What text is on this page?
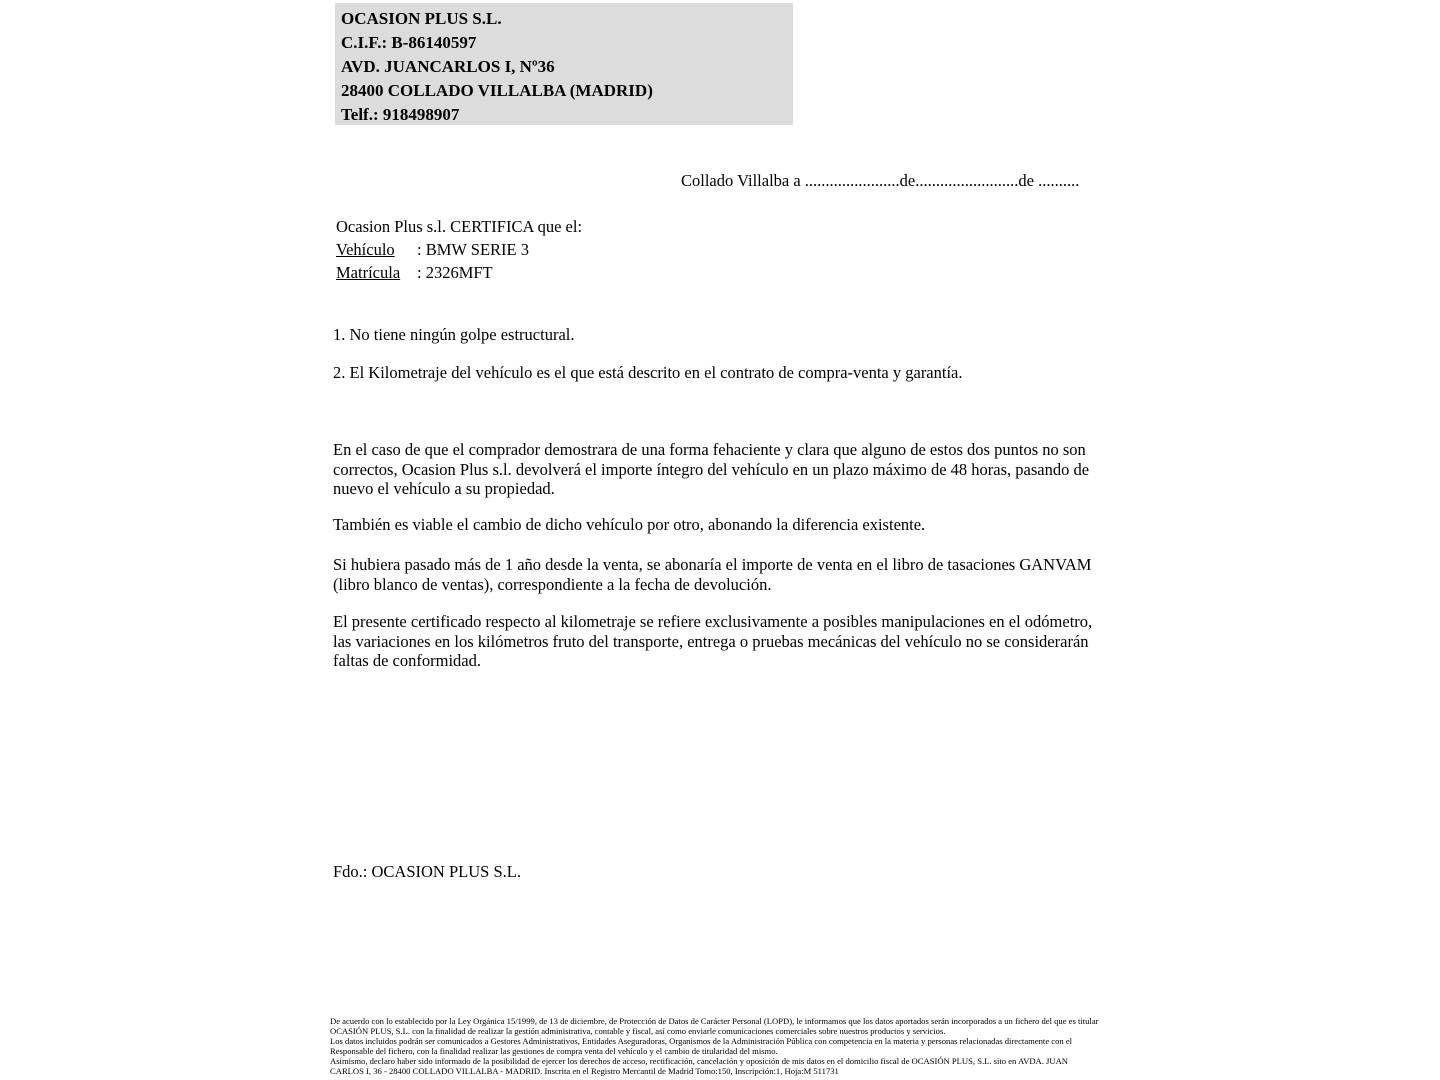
OCASION PLUS S.L.
C.I.F.: B-86140597
AVD. JUANCARLOS I, Nº36
28400 COLLADO VILLALBA (MADRID)
Telf.: 918498907
Collado Villalba a .......................de.........................de ..........
Ocasion Plus s.l. CERTIFICA que el:
Vehículo : BMW SERIE 3
Matrícula : 2326MFT
1. No tiene ningún golpe estructural.
2. El Kilometraje del vehículo es el que está descrito en el contrato de compra-venta y garantía.
En el caso de que el comprador demostrara de una forma fehaciente y clara que alguno de estos dos puntos no son correctos, Ocasion Plus s.l. devolverá el importe íntegro del vehículo en un plazo máximo de 48 horas, pasando de nuevo el vehículo a su propiedad.
También es viable el cambio de dicho vehículo por otro, abonando la diferencia existente.
Si hubiera pasado más de 1 año desde la venta, se abonaría el importe de venta en el libro de tasaciones GANVAM (libro blanco de ventas), correspondiente a la fecha de devolución.
El presente certificado respecto al kilometraje se refiere exclusivamente a posibles manipulaciones en el odómetro, las variaciones en los kilómetros fruto del transporte, entrega o pruebas mecánicas del vehículo no se considerarán faltas de conformidad.
Fdo.: OCASION PLUS S.L.
De acuerdo con lo establecido por la Ley Orgánica 15/1999, de 13 de diciembre, de Protección de Datos de Carácter Personal (LOPD), le informamos que los datos aportados serán incorporados a un fichero del que es titular
OCASIÓN PLUS, S.L. con la finalidad de realizar la gestión administrativa, contable y fiscal, así como enviarle comunicaciones comerciales sobre nuestros productos y servicios.
Los datos incluidos podrán ser comunicados a Gestores Administrativos, Entidades Aseguradoras, Organismos de la Administración Pública con competencia en la materia y personas relacionadas directamente con el
Responsable del fichero, con la finalidad realizar las gestiones de compra venta del vehículo y el cambio de titularidad del mismo.
Asimismo, declaro haber sido informado de la posibilidad de ejercer los derechos de acceso, rectificación, cancelación y oposición de mis datos en el domicilio fiscal de OCASIÓN PLUS, S.L. sito en AVDA. JUAN
CARLOS I, 36 - 28400 COLLADO VILLALBA - MADRID. Inscrita en el Registro Mercantil de Madrid Tomo:150, Inscripción:1, Hoja:M 511731
